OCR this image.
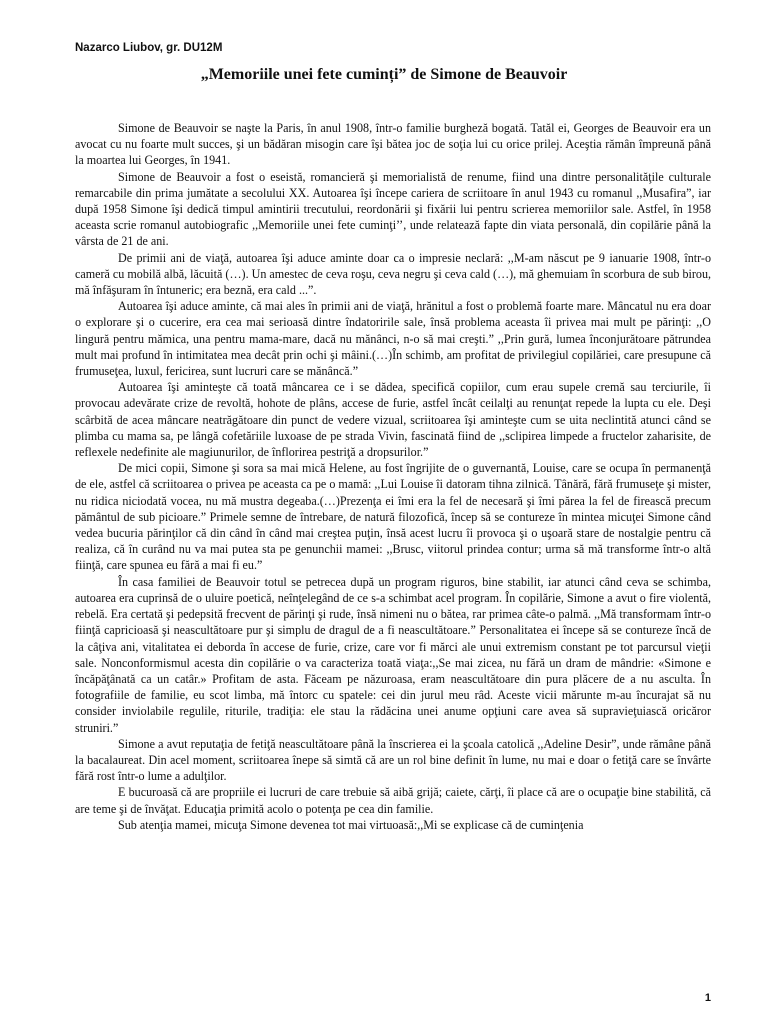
Nazarco Liubov, gr. DU12M
„Memoriile unei fete cuminți” de Simone de Beauvoir

Simone de Beauvoir se naşte la Paris, în anul 1908, într-o familie burgheză bogată. Tatăl ei, Georges de Beauvoir era un avocat cu nu foarte mult succes, şi un bădăran misogin care îşi bătea joc de soţia lui cu orice prilej. Aceştia rămân împreună până la moartea lui Georges, în 1941.

Simone de Beauvoir a fost o eseistă, romancieră şi memorialistă de renume, fiind una dintre personalităţile culturale remarcabile din prima jumătate a secolului XX. Autoarea îşi începe cariera de scriitoare în anul 1943 cu romanul ,,Musafira”, iar după 1958 Simone îşi dedică timpul amintirii trecutului, reordonării şi fixării lui pentru scrierea memoriilor sale. Astfel, în 1958 aceasta scrie romanul autobiografic ,,Memoriile unei fete cuminţi’’, unde relatează fapte din viata personală, din copilărie până la vârsta de 21 de ani.

De primii ani de viaţă, autoarea îşi aduce aminte doar ca o impresie neclară: ,,M-am născut pe 9 ianuarie 1908, într-o cameră cu mobilă albă, lăcuită (…). Un amestec de ceva roşu, ceva negru şi ceva cald (…), mă ghemuiam în scorbura de sub birou, mă înfăşuram în întuneric; era beznă, era cald ...”.

Autoarea îşi aduce aminte, că mai ales în primii ani de viaţă, hrănitul a fost o problemă foarte mare. Mâncatul nu era doar o explorare şi o cucerire, era cea mai serioasă dintre îndatoririle sale, însă problema aceasta îi privea mai mult pe părinţi: ,,O lingură pentru mămica, una pentru mama-mare, dacă nu mănânci, n-o să mai creşti.” ,,Prin gură, lumea înconjurătoare pătrundea mult mai profund în intimitatea mea decât prin ochi şi mâini.(…)În schimb, am profitat de privilegiul copilăriei, care presupune că frumuseţea, luxul, fericirea, sunt lucruri care se mănâncă.”

Autoarea îşi aminteşte că toată mâncarea ce i se dădea, specifică copiilor, cum erau supele cremă sau terciurile, îi provocau adevărate crize de revoltă, hohote de plâns, accese de furie, astfel încât ceilalţi au renunţat repede la lupta cu ele. Deşi scârbită de acea mâncare neatrăgătoare din punct de vedere vizual, scriitoarea îşi aminteşte cum se uita neclintită atunci când se plimba cu mama sa, pe lângă cofetăriile luxoase de pe strada Vivin, fascinată fiind de ,,sclipirea limpede a fructelor zaharisite, de reflexele nedefinite ale magiunurilor, de înflorirea pestriţă a dropsurilor.”

De mici copii, Simone şi sora sa mai mică Helene, au fost îngrijite de o guvernantă, Louise, care se ocupa în permanenţă de ele, astfel că scriitoarea o privea pe aceasta ca pe o mamă: ,,Lui Louise îi datoram tihna zilnică. Tânără, fără frumuseţe şi mister, nu ridica niciodată vocea, nu mă mustra degeaba.(…)Prezenţa ei îmi era la fel de necesară şi îmi părea la fel de firească precum pământul de sub picioare.” Primele semne de întrebare, de natură filozofică, încep să se contureze în mintea micuţei Simone când vedea bucuria părinţilor că din când în când mai creştea puţin, însă acest lucru îi provoca şi o uşoară stare de nostalgie pentru că realiza, că în curând nu va mai putea sta pe genunchii mamei: ,,Brusc, viitorul prindea contur; urma să mă transforme într-o altă fiinţă, care spunea eu fără a mai fi eu.”

În casa familiei de Beauvoir totul se petrecea după un program riguros, bine stabilit, iar atunci când ceva se schimba, autoarea era cuprinsă de o uluire poetică, neînţelegând de ce s-a schimbat acel program. În copilărie, Simone a avut o fire violentă, rebelă. Era certată şi pedepsită frecvent de părinţi şi rude, însă nimeni nu o bătea, rar primea câte-o palmă. ,,Mă transformam într-o fiinţă capricioasă şi neascultătoare pur şi simplu de dragul de a fi neascultătoare.” Personalitatea ei începe să se contureze încă de la câţiva ani, vitalitatea ei deborda în accese de furie, crize, care vor fi mărci ale unui extremism constant pe tot parcursul vieţii sale. Nonconformismul acesta din copilărie o va caracteriza toată viaţa:,,Se mai zicea, nu fără un dram de mândrie: «Simone e încăpăţânată ca un catâr.» Profitam de asta. Făceam pe năzuroasa, eram neascultătoare din pura plăcere de a nu asculta. În fotografiile de familie, eu scot limba, mă întorc cu spatele: cei din jurul meu râd. Aceste vicii mărunte m-au încurajat să nu consider inviolabile regulile, riturile, tradiţia: ele stau la rădăcina unei anume opţiuni care avea să supravieţuiască oricăror struniri.”

Simone a avut reputaţia de fetiţă neascultătoare până la înscrierea ei la şcoala catolică ,,Adeline Desir”, unde rămâne până la bacalaureat. Din acel moment, scriitoarea înepe să simtă că are un rol bine definit în lume, nu mai e doar o fetiţă care se învârte fără rost într-o lume a adulţilor.

E bucuroasă că are propriile ei lucruri de care trebuie să aibă grijă; caiete, cărţi, îi place că are o ocupaţie bine stabilită, că are teme şi de învăţat. Educaţia primită acolo o potenţa pe cea din familie.

Sub atenţia mamei, micuţa Simone devenea tot mai virtuoasă:,,Mi se explicase că de cuminţenia

1
